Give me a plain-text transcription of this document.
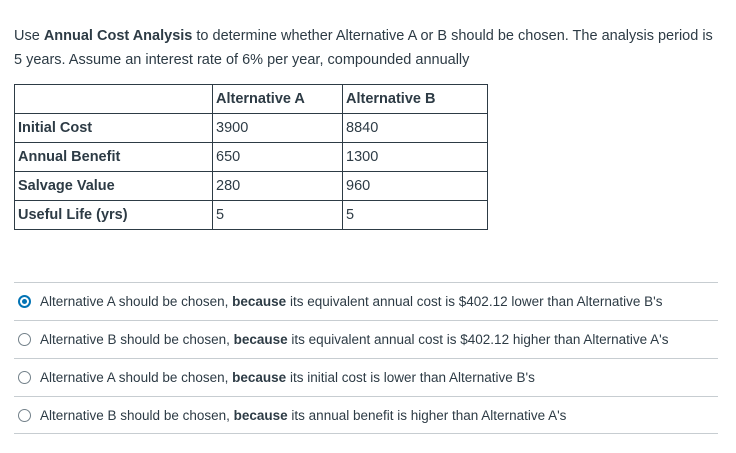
Use Annual Cost Analysis to determine whether Alternative A or B should be chosen. The analysis period is 5 years. Assume an interest rate of 6% per year, compounded annually
	Alternative A	Alternative B
Initial Cost	3900	8840
Annual Benefit	650	1300
Salvage Value	280	960
Useful Life (yrs)	5	5
Alternative A should be chosen, because its equivalent annual cost is $402.12 lower than Alternative B's
Alternative B should be chosen, because its equivalent annual cost is $402.12 higher than Alternative A's
Alternative A should be chosen, because its initial cost is lower than Alternative B's
Alternative B should be chosen, because its annual benefit is higher than Alternative A's
